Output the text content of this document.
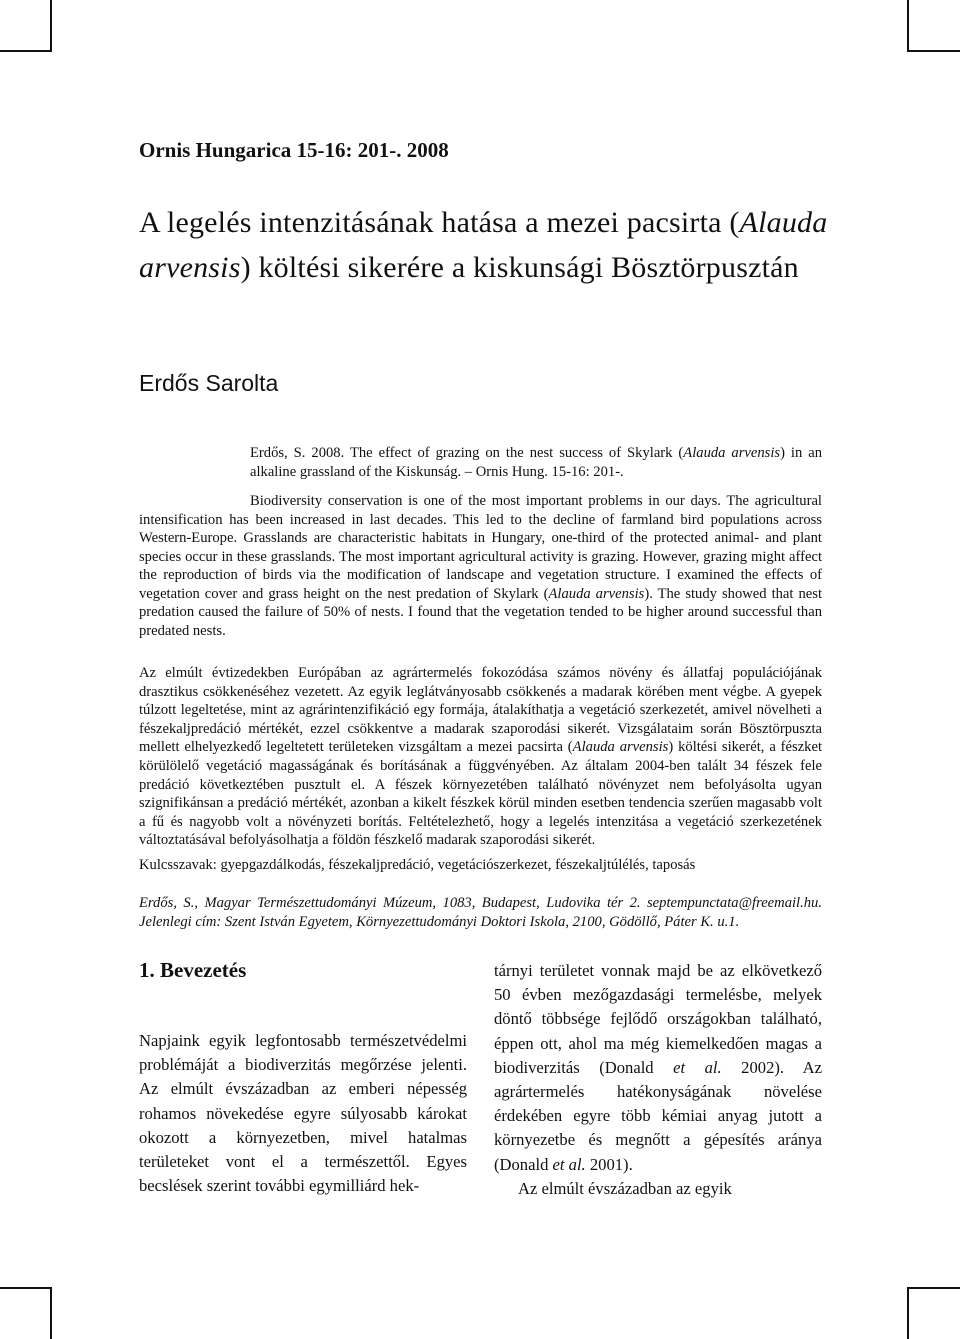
Ornis Hungarica 15-16: 201-. 2008
A legelés intenzitásának hatása a mezei pacsirta (Alauda arvensis) költési sikerére a kiskunsági Bösztörpusztán
Erdős Sarolta

Erdős, S. 2008. The effect of grazing on the nest success of Skylark (Alauda arvensis) in an alkaline grassland of the Kiskunság. – Ornis Hung. 15-16: 201-.

Biodiversity conservation is one of the most important problems in our days. The agricultural intensification has been increased in last decades. This led to the decline of farmland bird populations across Western-Europe. Grasslands are characteristic habitats in Hungary, one-third of the protected animal- and plant species occur in these grasslands. The most important agricultural activity is grazing. However, grazing might affect the reproduction of birds via the modification of landscape and vegetation structure. I examined the effects of vegetation cover and grass height on the nest predation of Skylark (Alauda arvensis). The study showed that nest predation caused the failure of 50% of nests. I found that the vegetation tended to be higher around successful than predated nests.

Az elmúlt évtizedekben Európában az agrártermelés fokozódása számos növény és állatfaj populációjának drasztikus csökkenéséhez vezetett. Az egyik leglátványosabb csökkenés a madarak körében ment végbe. A gyepek túlzott legeltetése, mint az agrárintenzifikáció egy formája, átalakíthatja a vegetáció szerkezetét, amivel növelheti a fészekaljpredáció mértékét, ezzel csökkentve a madarak szaporodási sikerét. Vizsgálataim során Bösztörpuszta mellett elhelyezkedő legeltetett területeken vizsgáltam a mezei pacsirta (Alauda arvensis) költési sikerét, a fészket körülölelő vegetáció magasságának és borításának a függvényében. Az általam 2004-ben talált 34 fészek fele predáció következtében pusztult el. A fészek környezetében található növényzet nem befolyásolta ugyan szignifikánsan a predáció mértékét, azonban a kikelt fészkek körül minden esetben tendencia szerűen magasabb volt a fű és nagyobb volt a növényzeti borítás. Feltételezhető, hogy a legelés intenzitása a vegetáció szerkezetének változtatásával befolyásolhatja a földön fészkelő madarak szaporodási sikerét.

Kulcsszavak: gyepgazdálkodás, fészekaljpredáció, vegetációszerkezet, fészekaljtúlélés, taposás

Erdős, S., Magyar Természettudományi Múzeum, 1083, Budapest, Ludovika tér 2. septempunctata@freemail.hu. Jelenlegi cím: Szent István Egyetem, Környezettudományi Doktori Iskola, 2100, Gödöllő, Páter K. u.1.

1. Bevezetés

Napjaink egyik legfontosabb természetvédelmi problémáját a biodiverzitás megőrzése jelenti. Az elmúlt évszázadban az emberi népesség rohamos növekedése egyre súlyosabb károkat okozott a környezetben, mivel hatalmas területeket vont el a természettől. Egyes becslések szerint további egymilliárd hek-

tárnyi területet vonnak majd be az elkövetkező 50 évben mezőgazdasági termelésbe, melyek döntő többsége fejlődő országokban található, éppen ott, ahol ma még kiemelkedően magas a biodiverzitás (Donald et al. 2002). Az agrártermelés hatékonyságának növelése érdekében egyre több kémiai anyag jutott a környezetbe és megnőtt a gépesítés aránya (Donald et al. 2001).
Az elmúlt évszázadban az egyik
